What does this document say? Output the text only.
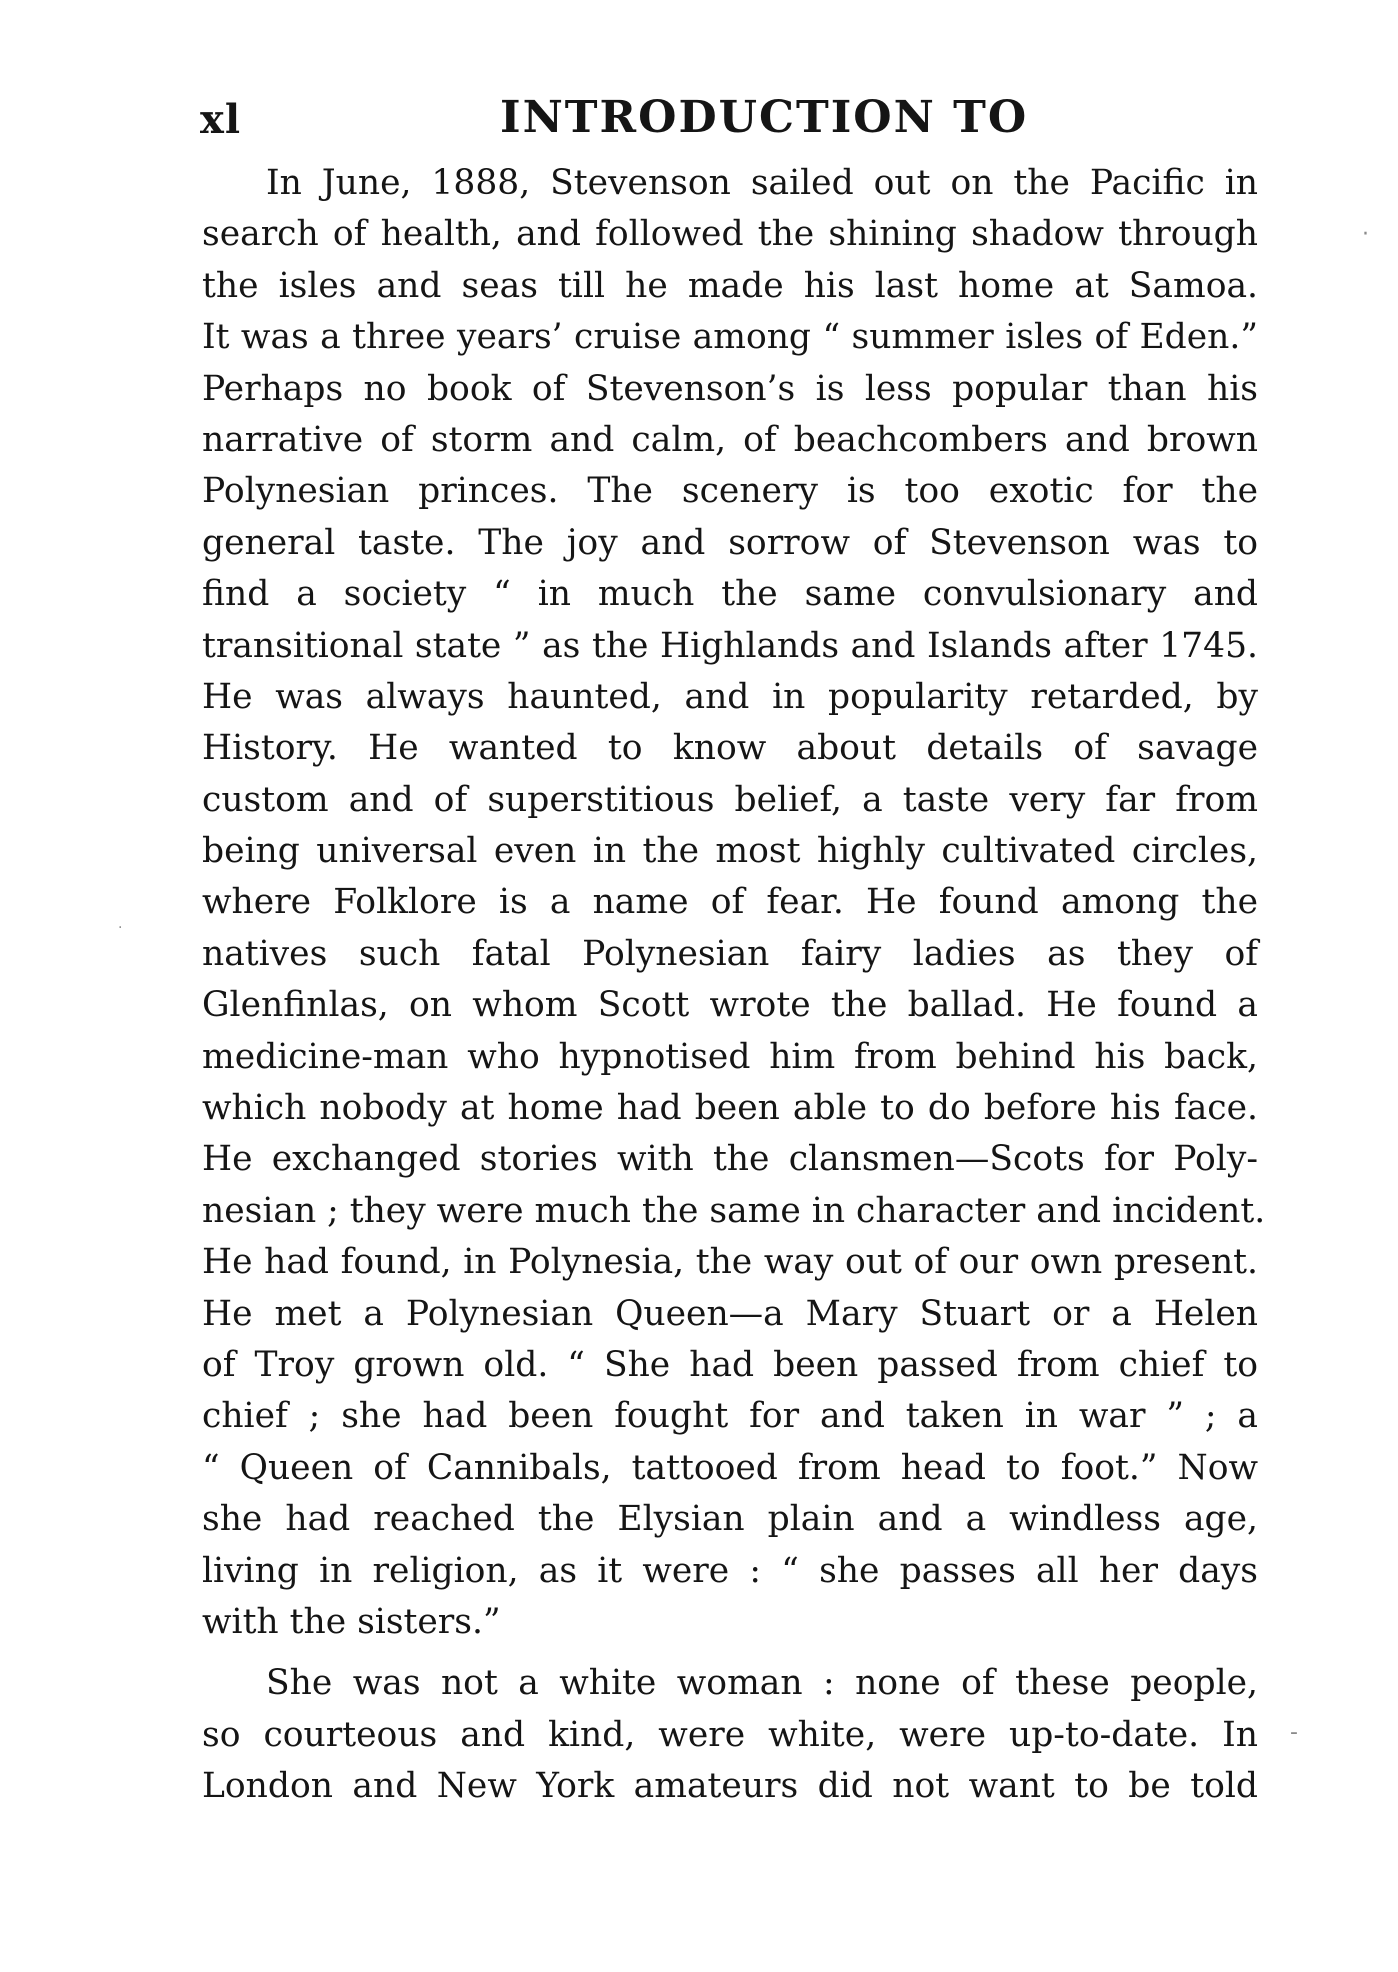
xl	INTRODUCTION TO
In June, 1888, Stevenson sailed out on the Pacific in
search of health, and followed the shining shadow through
the isles and seas till he made his last home at Samoa.
It was a three years’ cruise among “ summer isles of Eden.”
Perhaps no book of Stevenson’s is less popular than his
narrative of storm and calm, of beachcombers and brown
Polynesian princes. The scenery is too exotic for the
general taste. The joy and sorrow of Stevenson was to
find a society “ in much the same convulsionary and
transitional state ” as the Highlands and Islands after 1745.
He was always haunted, and in popularity retarded, by
History. He wanted to know about details of savage
custom and of superstitious belief, a taste very far from
being universal even in the most highly cultivated circles,
where Folklore is a name of fear. He found among the
natives such fatal Polynesian fairy ladies as they of
Glenfinlas, on whom Scott wrote the ballad. He found a
medicine-man who hypnotised him from behind his back,
which nobody at home had been able to do before his face.
He exchanged stories with the clansmen—Scots for Poly-
nesian ; they were much the same in character and incident.
He had found, in Polynesia, the way out of our own present.
He met a Polynesian Queen—a Mary Stuart or a Helen
of Troy grown old. “ She had been passed from chief to
chief ; she had been fought for and taken in war ” ; a
“ Queen of Cannibals, tattooed from head to foot.” Now
she had reached the Elysian plain and a windless age,
living in religion, as it were : “ she passes all her days
with the sisters.”
She was not a white woman : none of these people,
so courteous and kind, were white, were up-to-date. In
London and New York amateurs did not want to be told
·
-
·
